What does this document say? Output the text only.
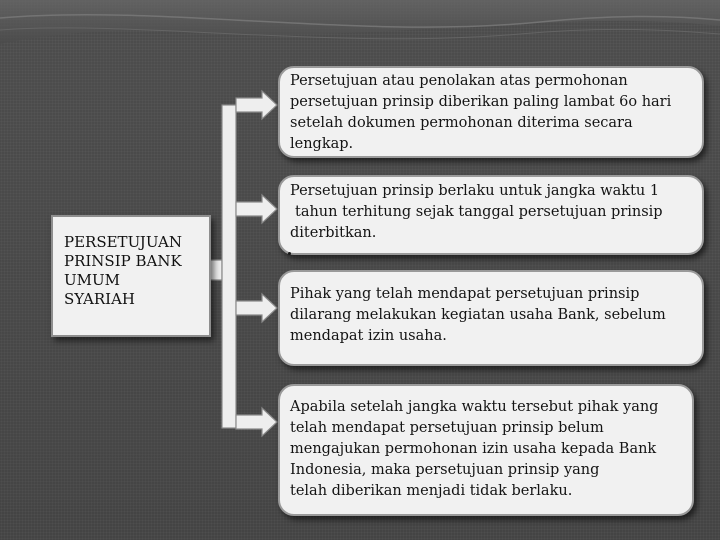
PERSETUJUAN
PRINSIP BANK
UMUM
SYARIAH

Persetujuan atau penolakan atas permohonan

persetujuan prinsip diberikan paling lambat 6o hari

setelah dokumen permohonan diterima secara

lengkap.

Persetujuan prinsip berlaku untuk jangka waktu 1

tahun terhitung sejak tanggal persetujuan prinsip

diterbitkan.

Pihak yang telah mendapat persetujuan prinsip

dilarang melakukan kegiatan usaha Bank, sebelum

mendapat izin usaha.

Apabila setelah jangka waktu tersebut pihak yang

telah mendapat persetujuan prinsip belum

mengajukan permohonan izin usaha kepada Bank

Indonesia, maka persetujuan prinsip yang

telah diberikan menjadi tidak berlaku.
